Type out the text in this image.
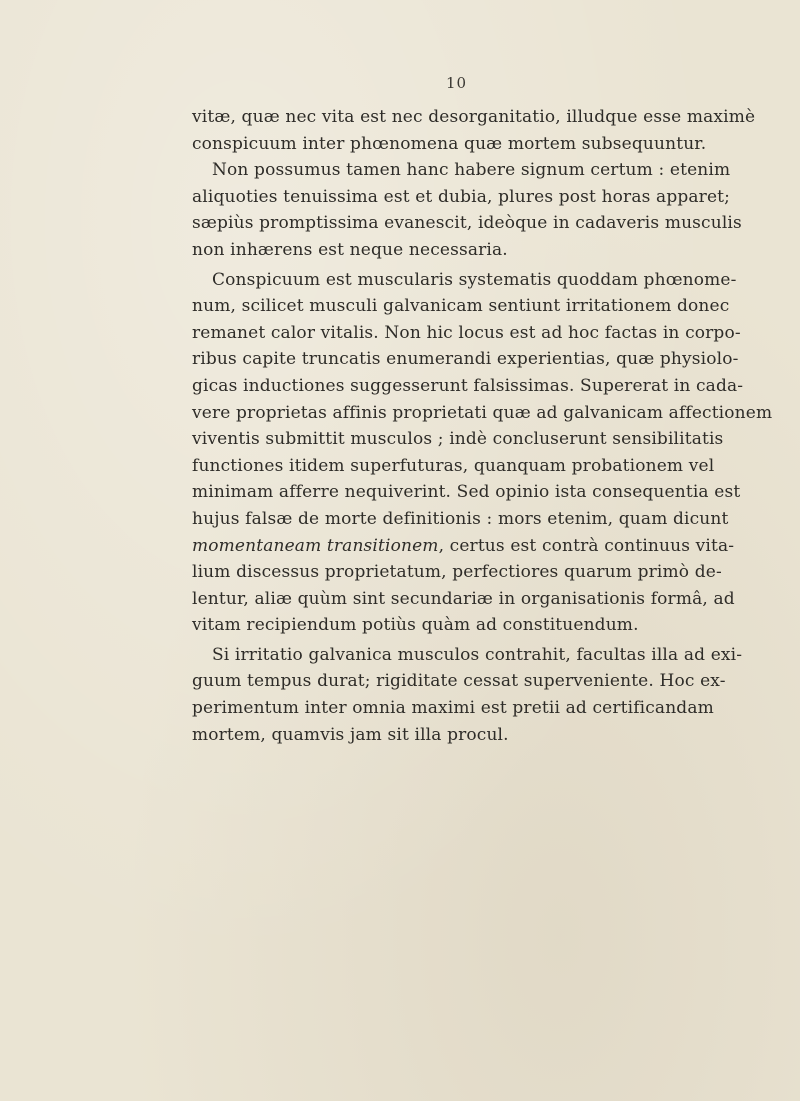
10
vitæ, quæ nec vita est nec desorganitatio, illudque esse maximè
conspicuum inter phœnomena quæ mortem subsequuntur.
Non possumus tamen hanc habere signum certum : etenim
aliquoties tenuissima est et dubia, plures post horas apparet;
sæpiùs promptissima evanescit, ideòque in cadaveris musculis
non inhærens est neque necessaria.
Conspicuum est muscularis systematis quoddam phœnome-
num, scilicet musculi galvanicam sentiunt irritationem donec
remanet calor vitalis. Non hic locus est ad hoc factas in corpo-
ribus capite truncatis enumerandi experientias, quæ physiolo-
gicas inductiones suggesserunt falsissimas. Supererat in cada-
vere proprietas affinis proprietati quæ ad galvanicam affectionem
viventis submittit musculos ; indè concluserunt sensibilitatis
functiones itidem superfuturas, quanquam probationem vel
minimam afferre nequiverint. Sed opinio ista consequentia est
hujus falsæ de morte definitionis : mors etenim, quam dicunt
momentaneam transitionem, certus est contrà continuus vita-
lium discessus proprietatum, perfectiores quarum primò de-
lentur, aliæ quùm sint secundariæ in organisationis formâ, ad
vitam recipiendum potiùs quàm ad constituendum.
Si irritatio galvanica musculos contrahit, facultas illa ad exi-
guum tempus durat; rigiditate cessat superveniente. Hoc ex-
perimentum inter omnia maximi est pretii ad certificandam
mortem, quamvis jam sit illa procul.
